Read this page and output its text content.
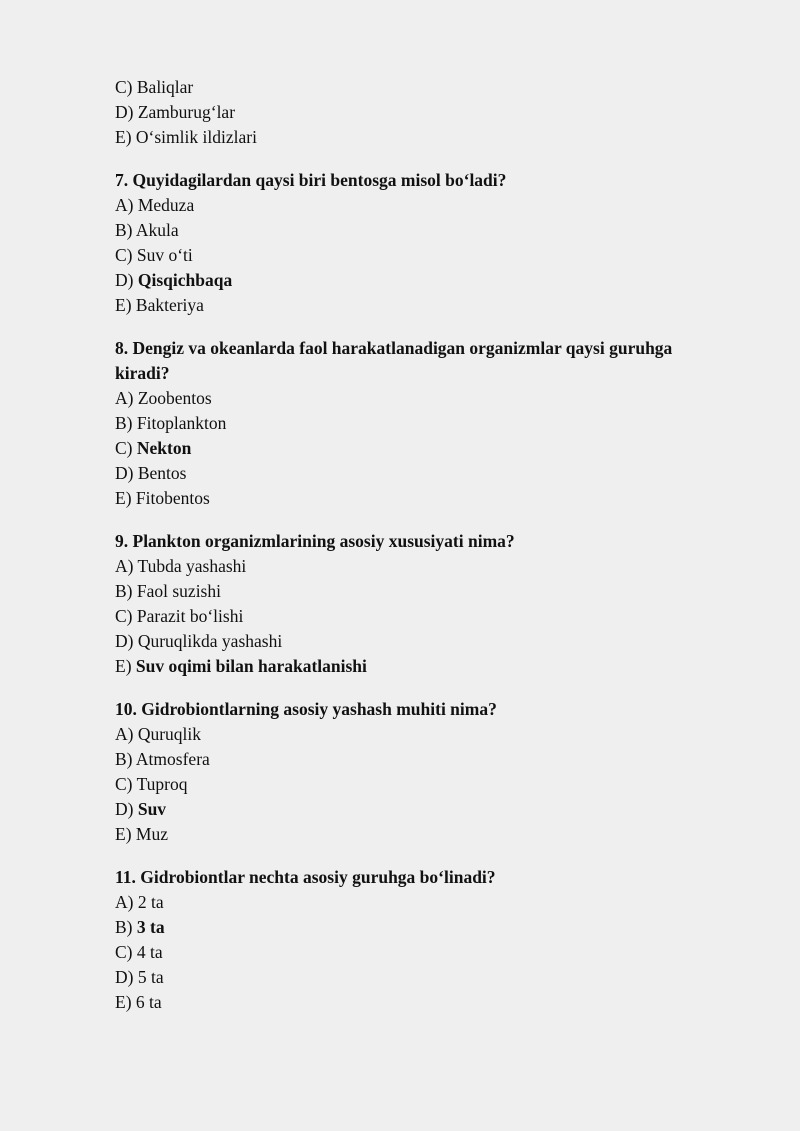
C) Baliqlar
D) Zamburug‘lar
E) O‘simlik ildizlari
7. Quyidagilardan qaysi biri bentosga misol bo‘ladi?
A) Meduza
B) Akula
C) Suv o‘ti
D) Qisqichbaqa
E) Bakteriya
8. Dengiz va okeanlarda faol harakatlanadigan organizmlar qaysi guruhga kiradi?
A) Zoobentos
B) Fitoplankton
C) Nekton
D) Bentos
E) Fitobentos
9. Plankton organizmlarining asosiy xususiyati nima?
A) Tubda yashashi
B) Faol suzishi
C) Parazit bo‘lishi
D) Quruqlikda yashashi
E) Suv oqimi bilan harakatlanishi
10. Gidrobiontlarning asosiy yashash muhiti nima?
A) Quruqlik
B) Atmosfera
C) Tuproq
D) Suv
E) Muz
11. Gidrobiontlar nechta asosiy guruhga bo‘linadi?
A) 2 ta
B) 3 ta
C) 4 ta
D) 5 ta
E) 6 ta
